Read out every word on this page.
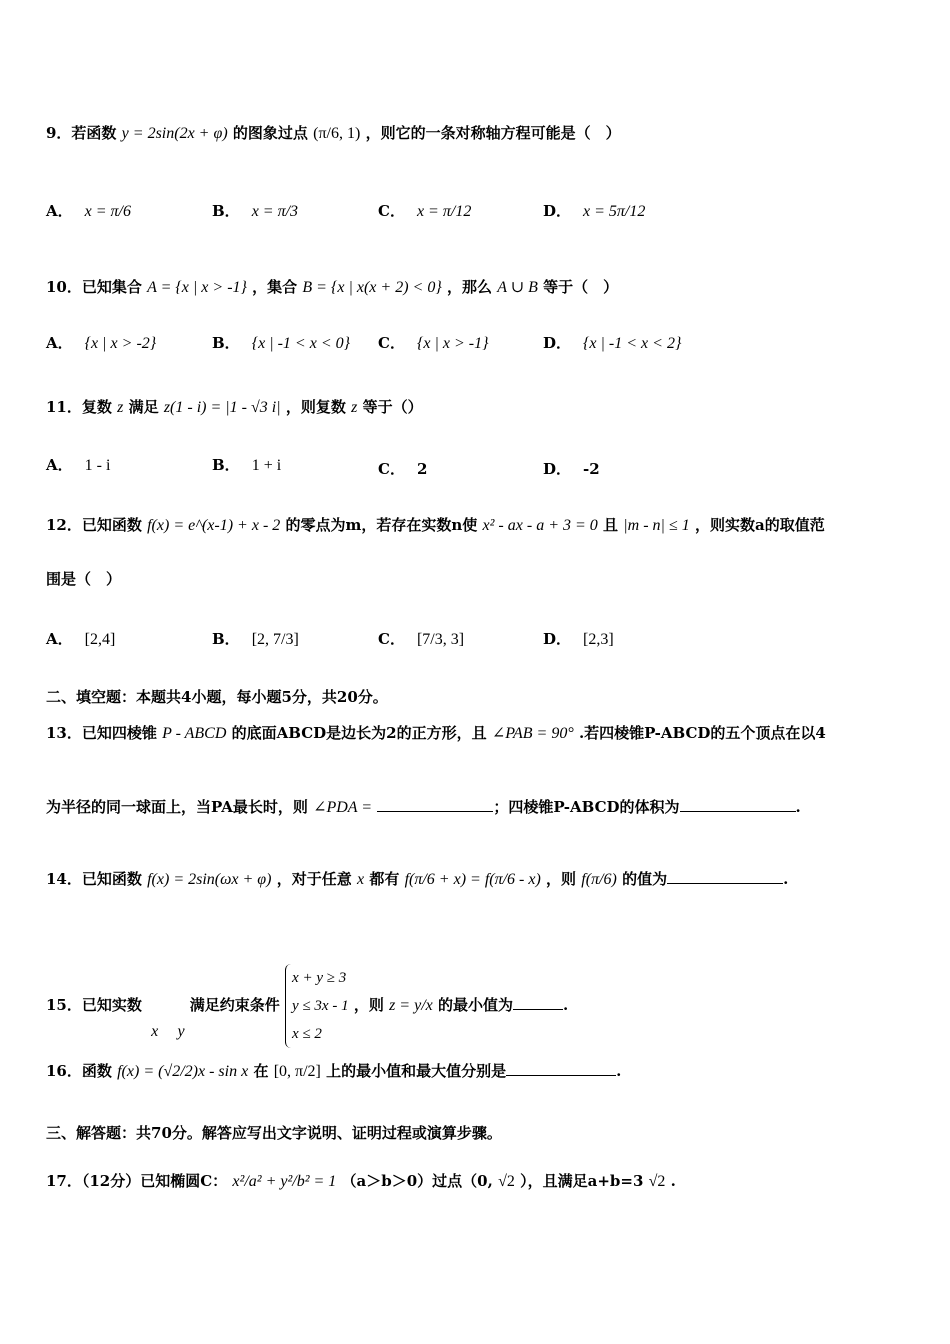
9．若函数 y = 2sin(2x + φ) 的图象过点 (π/6, 1) ，则它的一条对称轴方程可能是（　）
A． x = π/6	B． x = π/3	C． x = π/12	D． x = 5π/12
10．已知集合 A = {x | x > -1} ，集合 B = {x | x(x + 2) < 0} ，那么 A ∪ B 等于（　）
A． {x | x > -2}	B． {x | -1 < x < 0} C． {x | x > -1}	D． {x | -1 < x < 2}
11．复数 z 满足 z(1 - i) = |1 - √3 i| ，则复数 z 等于（）
A． 1 - i	B． 1 + i	C． 2	D． -2
12．已知函数 f(x) = e^(x-1) + x - 2 的零点为m，若存在实数n使 x² - ax - a + 3 = 0 且 |m - n| ≤ 1 ，则实数a的取值范
围是（　）
A． [2,4]	B． [2, 7/3]	C． [7/3, 3]	D． [2,3]
二、填空题：本题共4小题，每小题5分，共20分。
13．已知四棱锥 P - ABCD 的底面ABCD是边长为2的正方形，且 ∠PAB = 90° .若四棱锥P-ABCD的五个顶点在以4
为半径的同一球面上，当PA最长时，则 ∠PDA =	；四棱锥P-ABCD的体积为	.
14．已知函数 f(x) = 2sin(ωx + φ) ，对于任意 x 都有 f(π/6 + x) = f(π/6 - x) ，则 f(π/6) 的值为	.
15．已知实数 x y 满足约束条件
x + y ≥ 3
y ≤ 3x - 1
x ≤ 2
，则 z = y/x 的最小值为	.
16．函数 f(x) = (√2/2)x - sin x 在 [0, π/2] 上的最小值和最大值分别是	.
三、解答题：共70分。解答应写出文字说明、证明过程或演算步骤。
17．（12分）已知椭圆C： x²/a² + y²/b² = 1 （a＞b＞0）过点（0, √2 ），且满足a+b=3 √2 .
